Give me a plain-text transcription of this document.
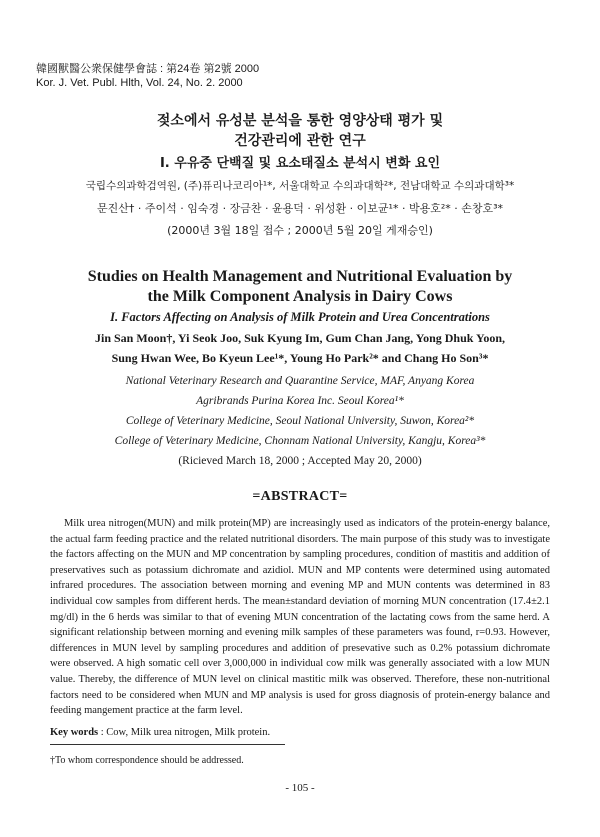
韓國獸醫公衆保健學會誌 : 第24卷 第2號 2000
Kor. J. Vet. Publ. Hlth, Vol. 24, No. 2. 2000
젖소에서 유성분 분석을 통한 영양상태 평가 및
건강관리에 관한 연구
I. 우유중 단백질 및 요소태질소 분석시 변화 요인
국립수의과학검역원, (주)퓨리나코리아¹*, 서울대학교 수의과대학²*, 전남대학교 수의과대학³*
문진산† · 주이석 · 임숙경 · 장금찬 · 윤용덕 · 위성환 · 이보균¹* · 박용호²* · 손창호³*
(2000년 3월 18일 접수 ; 2000년 5월 20일 게재승인)
Studies on Health Management and Nutritional Evaluation by
the Milk Component Analysis in Dairy Cows
I. Factors Affecting on Analysis of Milk Protein and Urea Concentrations
Jin San Moon†, Yi Seok Joo, Suk Kyung Im, Gum Chan Jang, Yong Dhuk Yoon,
Sung Hwan Wee, Bo Kyeun Lee¹*, Young Ho Park²* and Chang Ho Son³*
National Veterinary Research and Quarantine Service, MAF, Anyang Korea
Agribrands Purina Korea Inc. Seoul Korea¹*
College of Veterinary Medicine, Seoul National University, Suwon, Korea²*
College of Veterinary Medicine, Chonnam National University, Kangju, Korea³*
(Ricieved March 18, 2000 ; Accepted May 20, 2000)
=ABSTRACT=
Milk urea nitrogen(MUN) and milk protein(MP) are increasingly used as indicators of the protein-energy balance, the actual farm feeding practice and the related nutritional disorders. The main purpose of this study was to investigate the factors affecting on the MUN and MP concentration by sampling procedures, condition of mastitis and addition of preservatives such as potassium dichromate and azidiol. MUN and MP contents were determined using automated infrared procedures. The association between morning and evening MP and MUN contents was determined in 83 individual cow samples from different herds. The mean±standard deviation of morning MUN concentration (17.4±2.1 mg/dl) in the 6 herds was similar to that of evening MUN concentration of the lactating cows from the same herd. A significant relationship between morning and evening milk samples of these parameters was found, r=0.93. However, differences in MUN level by sampling procedures and addition of presevative such as 0.2% potassium dichromate were observed. A high somatic cell over 3,000,000 in individual cow milk was generally associated with a low MUN value. Thereby, the difference of MUN level on clinical mastitic milk was observed. Therefore, these non-nutritional factors need to be considered when MUN and MP analysis is used for gross diagnosis of protein-energy balance and feeding mangement practice at the farm level.
Key words : Cow, Milk urea nitrogen, Milk protein.
†To whom correspondence should be addressed.
- 105 -
